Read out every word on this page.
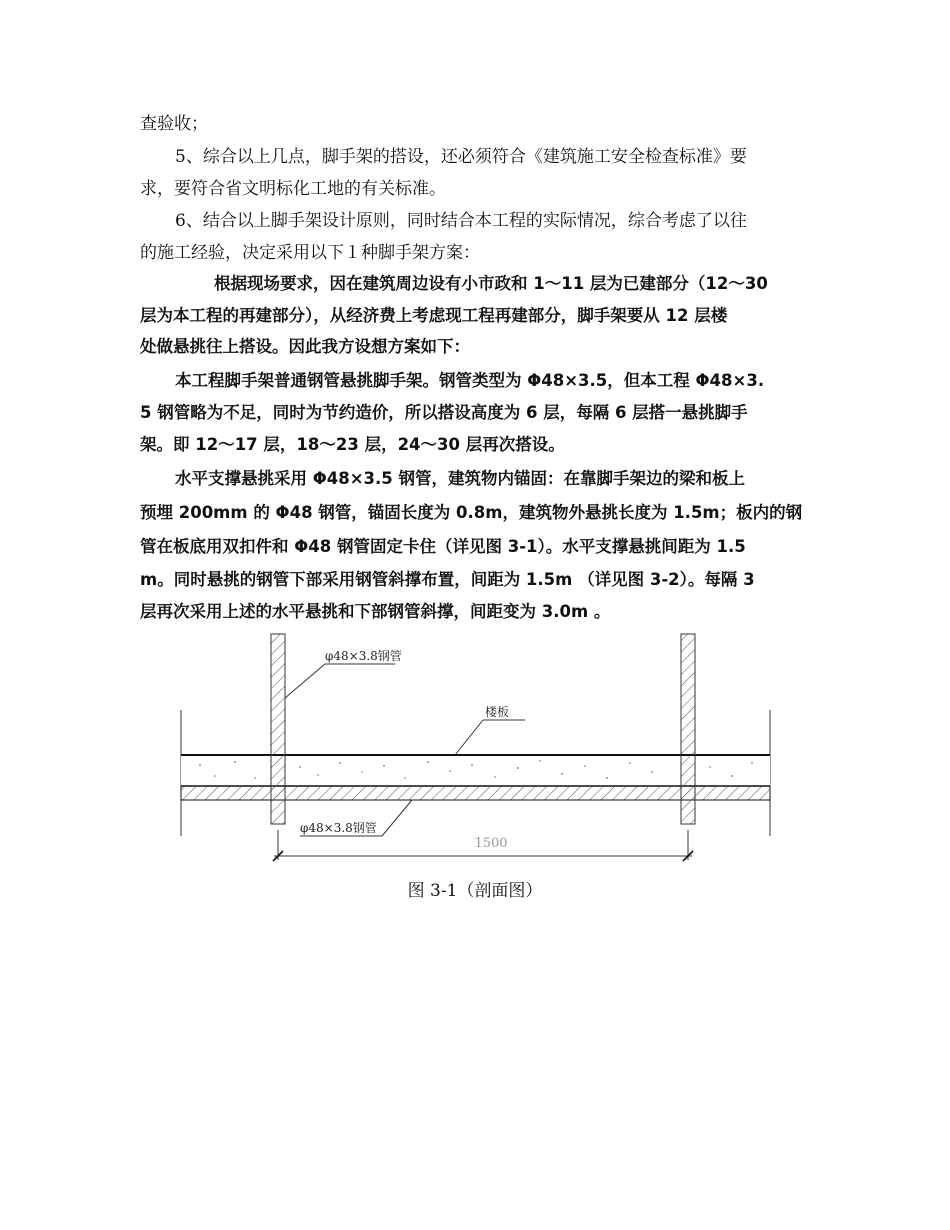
查验收；
5、综合以上几点，脚手架的搭设，还必须符合《建筑施工安全检查标准》要
求，要符合省文明标化工地的有关标准。
6、结合以上脚手架设计原则，同时结合本工程的实际情况，综合考虑了以往
的施工经验，决定采用以下１种脚手架方案：
根据现场要求，因在建筑周边设有小市政和 1～11 层为已建部分（12～30
层为本工程的再建部分），从经济费上考虑现工程再建部分，脚手架要从 12 层楼
处做悬挑往上搭设。因此我方设想方案如下：
本工程脚手架普通钢管悬挑脚手架。钢管类型为 Φ48×3.5，但本工程 Φ48×3.
5 钢管略为不足，同时为节约造价，所以搭设高度为 6 层，每隔 6 层搭一悬挑脚手
架。即 12～17 层，18～23 层，24～30 层再次搭设。
水平支撑悬挑采用 Φ48×3.5 钢管，建筑物内锚固：在靠脚手架边的梁和板上
预埋 200mm 的 Φ48 钢管，锚固长度为 0.8m，建筑物外悬挑长度为 1.5m；板内的钢
管在板底用双扣件和 Φ48 钢管固定卡住（详见图 3-1）。水平支撑悬挑间距为 1.5
m。同时悬挑的钢管下部采用钢管斜撑布置，间距为 1.5m （详见图 3-2）。每隔 3
层再次采用上述的水平悬挑和下部钢管斜撑，间距变为 3.0m 。
φ48×3.8钢管
楼板
φ48×3.8钢管
1500
图 3-1（剖面图）
